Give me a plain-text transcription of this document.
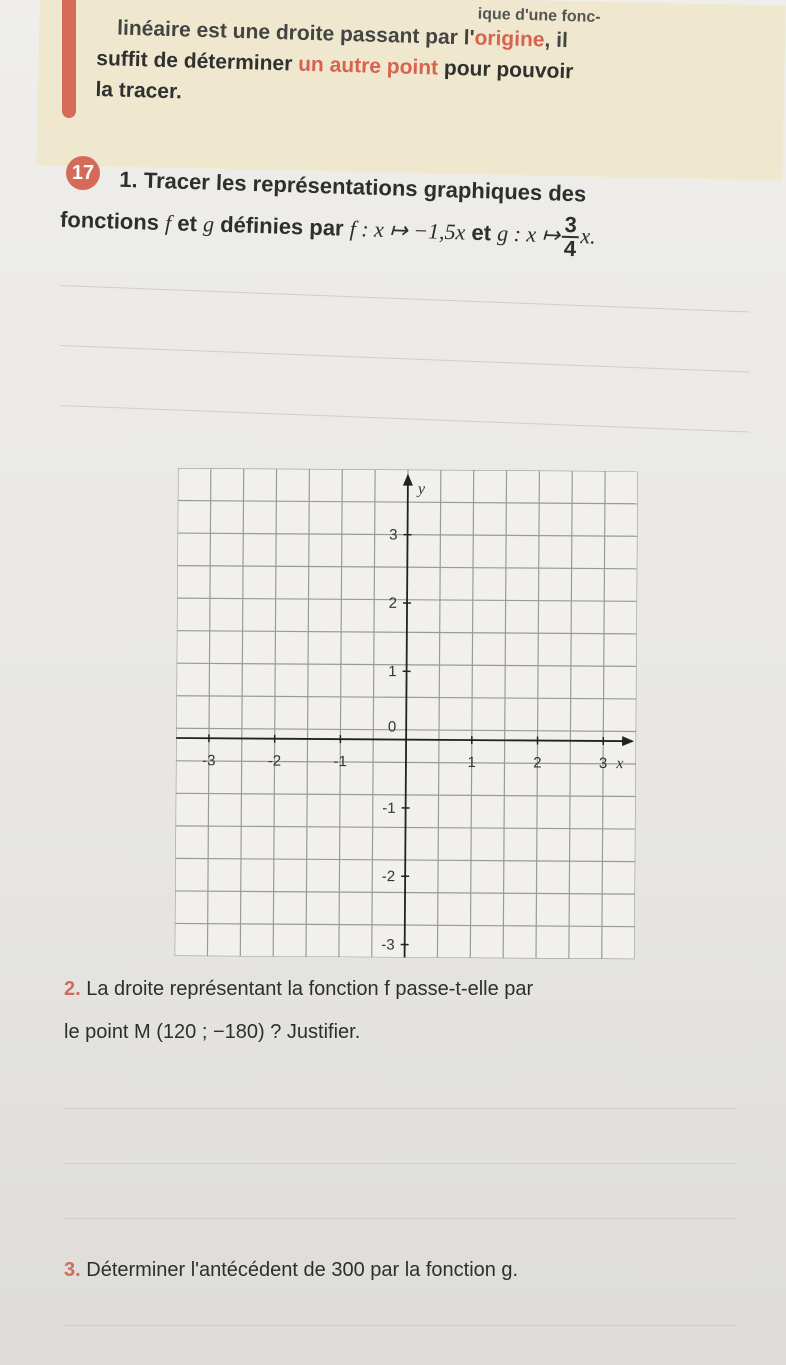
ique d'une fonc-
linéaire est une droite passant par l'origine, il
suffit de déterminer un autre point pour pouvoir
la tracer.
17	1. Tracer les représentations graphiques des
fonctions f et g définies par f : x ↦ −1,5x et g : x ↦ $\frac{3}{4} x$.
-3	-2	-1	1	2	3
3
2
1
-1
-2
-3
0
x
y
2. La droite représentant la fonction f passe-t-elle par
le point M (120 ; −180) ? Justifier.
3. Déterminer l'antécédent de 300 par la fonction g.
